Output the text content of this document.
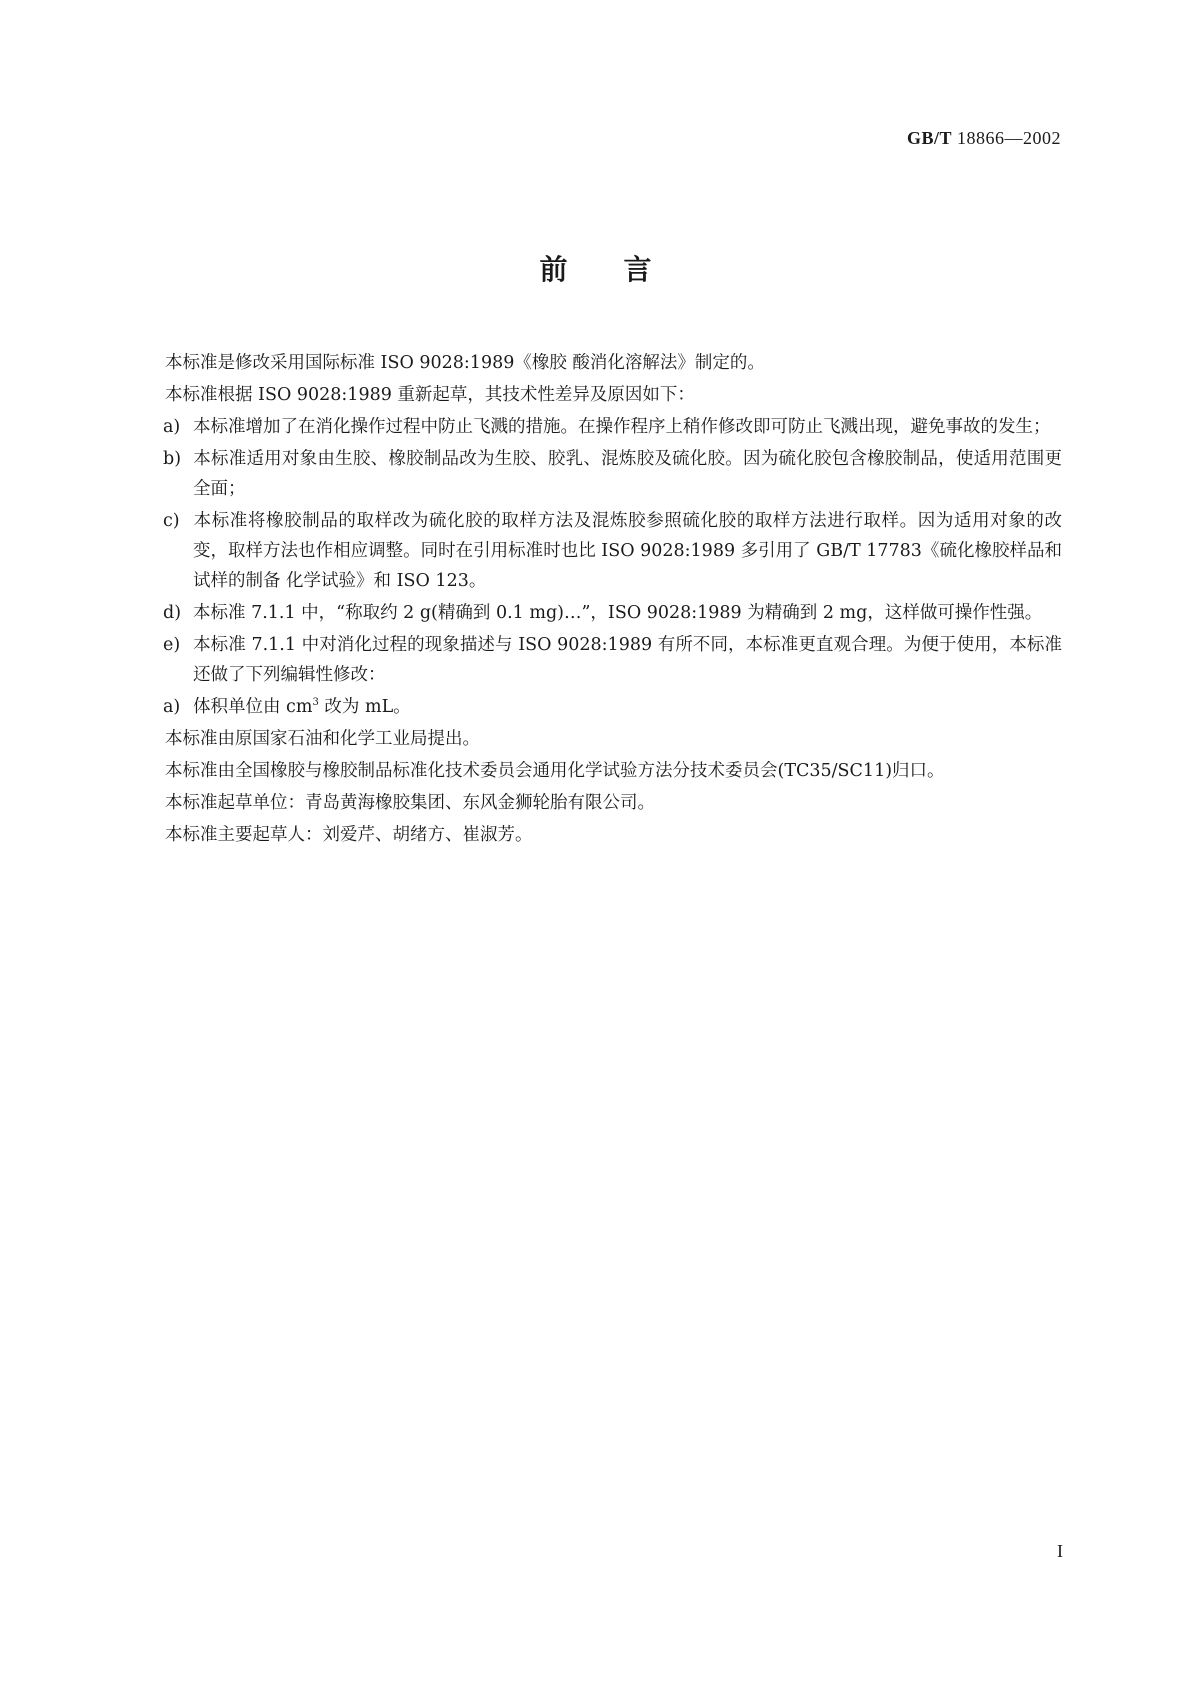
GB/T 18866—2002
前言

本标准是修改采用国际标准 ISO 9028:1989《橡胶 酸消化溶解法》制定的。

本标准根据 ISO 9028:1989 重新起草，其技术性差异及原因如下：

a) 本标准增加了在消化操作过程中防止飞溅的措施。在操作程序上稍作修改即可防止飞溅出现，避免事故的发生；

b) 本标准适用对象由生胶、橡胶制品改为生胶、胶乳、混炼胶及硫化胶。因为硫化胶包含橡胶制品，使适用范围更全面；

c) 本标准将橡胶制品的取样改为硫化胶的取样方法及混炼胶参照硫化胶的取样方法进行取样。因为适用对象的改变，取样方法也作相应调整。同时在引用标准时也比 ISO 9028:1989 多引用了 GB/T 17783《硫化橡胶样品和试样的制备 化学试验》和 ISO 123。

d) 本标准 7.1.1 中，“称取约 2 g(精确到 0.1 mg)…”，ISO 9028:1989 为精确到 2 mg，这样做可操作性强。

e) 本标准 7.1.1 中对消化过程的现象描述与 ISO 9028:1989 有所不同，本标准更直观合理。为便于使用，本标准还做了下列编辑性修改：

a) 体积单位由 $cm^3$ 改为 mL。

本标准由原国家石油和化学工业局提出。

本标准由全国橡胶与橡胶制品标准化技术委员会通用化学试验方法分技术委员会(TC35/SC11)归口。

本标准起草单位：青岛黄海橡胶集团、东风金狮轮胎有限公司。

本标准主要起草人：刘爱芹、胡绪方、崔淑芳。

I
